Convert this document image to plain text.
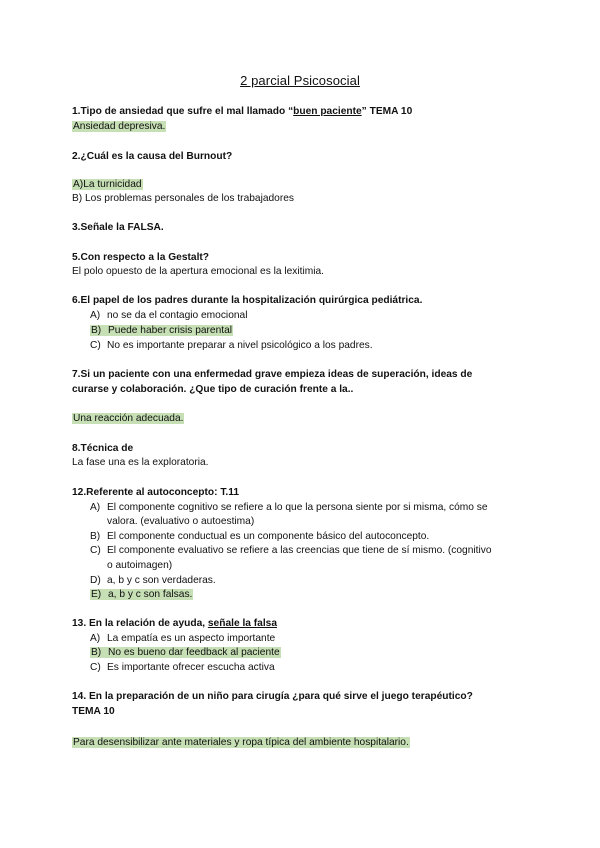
2 parcial Psicosocial
1.Tipo de ansiedad que sufre el mal llamado “buen paciente” TEMA 10
Ansiedad depresiva.
2.¿Cuál es la causa del Burnout?
A)La turnicidad
B) Los problemas personales de los trabajadores
3.Señale la FALSA.
5.Con respecto a la Gestalt?
El polo opuesto de la apertura emocional es la lexitimia.
6.El papel de los padres durante la hospitalización quirúrgica pediátrica.
A) no se da el contagio emocional
B) Puede haber crisis parental
C) No es importante preparar a nivel psicológico a los padres.
7.Si un paciente con una enfermedad grave empieza ideas de superación, ideas de
curarse y colaboración. ¿Que tipo de curación frente a la..
Una reacción adecuada.
8.Técnica de
La fase una es la exploratoria.
12.Referente al autoconcepto: T.11
A) El componente cognitivo se refiere a lo que la persona siente por si misma, cómo se
valora. (evaluativo o autoestima)
B) El componente conductual es un componente básico del autoconcepto.
C) El componente evaluativo se refiere a las creencias que tiene de sí mismo. (cognitivo
o autoimagen)
D) a, b y c son verdaderas.
E) a, b y c son falsas.
13. En la relación de ayuda, señale la falsa
A) La empatía es un aspecto importante
B) No es bueno dar feedback al paciente
C) Es importante ofrecer escucha activa
14. En la preparación de un niño para cirugía ¿para qué sirve el juego terapéutico?
TEMA 10
Para desensibilizar ante materiales y ropa típica del ambiente hospitalario.
